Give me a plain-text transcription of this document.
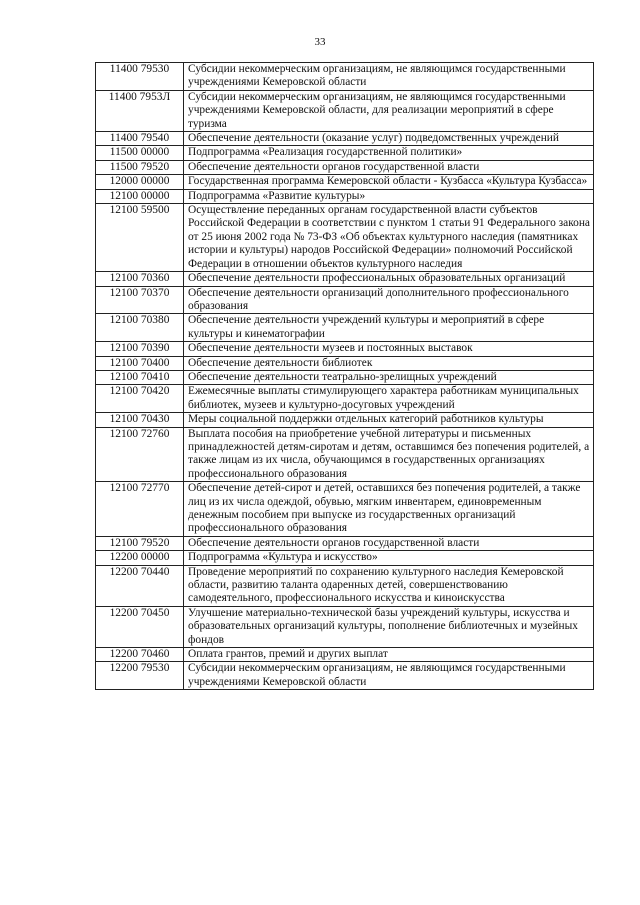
33
11400 79530	Субсидии некоммерческим организациям, не являющимся государственными учреждениями Кемеровской области
11400 7953Л	Субсидии некоммерческим организациям, не являющимся государственными учреждениями Кемеровской области, для реализации мероприятий в сфере туризма
11400 79540	Обеспечение деятельности (оказание услуг) подведомственных учреждений
11500 00000	Подпрограмма «Реализация государственной политики»
11500 79520	Обеспечение деятельности органов государственной власти
12000 00000	Государственная программа Кемеровской области - Кузбасса «Культура Кузбасса»
12100 00000	Подпрограмма «Развитие культуры»
12100 59500	Осуществление переданных органам государственной власти субъектов Российской Федерации в соответствии с пунктом 1 статьи 91 Федерального закона от 25 июня 2002 года № 73-ФЗ «Об объектах культурного наследия (памятниках истории и культуры) народов Российской Федерации» полномочий Российской Федерации в отношении объектов культурного наследия
12100 70360	Обеспечение деятельности профессиональных образовательных организаций
12100 70370	Обеспечение деятельности организаций дополнительного профессионального образования
12100 70380	Обеспечение деятельности учреждений культуры и мероприятий в сфере культуры и кинематографии
12100 70390	Обеспечение деятельности музеев и постоянных выставок
12100 70400	Обеспечение деятельности библиотек
12100 70410	Обеспечение деятельности театрально-зрелищных учреждений
12100 70420	Ежемесячные выплаты стимулирующего характера работникам муниципальных библиотек, музеев и культурно-досуговых учреждений
12100 70430	Меры социальной поддержки отдельных категорий работников культуры
12100 72760	Выплата пособия на приобретение учебной литературы и письменных принадлежностей детям-сиротам и детям, оставшимся без попечения родителей, а также лицам из их числа, обучающимся в государственных организациях профессионального образования
12100 72770	Обеспечение детей-сирот и детей, оставшихся без попечения родителей, а также лиц из их числа одеждой, обувью, мягким инвентарем, единовременным денежным пособием при выпуске из государственных организаций профессионального образования
12100 79520	Обеспечение деятельности органов государственной власти
12200 00000	Подпрограмма «Культура и искусство»
12200 70440	Проведение мероприятий по сохранению культурного наследия Кемеровской области, развитию таланта одаренных детей, совершенствованию самодеятельного, профессионального искусства и киноискусства
12200 70450	Улучшение материально-технической базы учреждений культуры, искусства и образовательных организаций культуры, пополнение библиотечных и музейных фондов
12200 70460	Оплата грантов, премий и других выплат
12200 79530	Субсидии некоммерческим организациям, не являющимся государственными учреждениями Кемеровской области
